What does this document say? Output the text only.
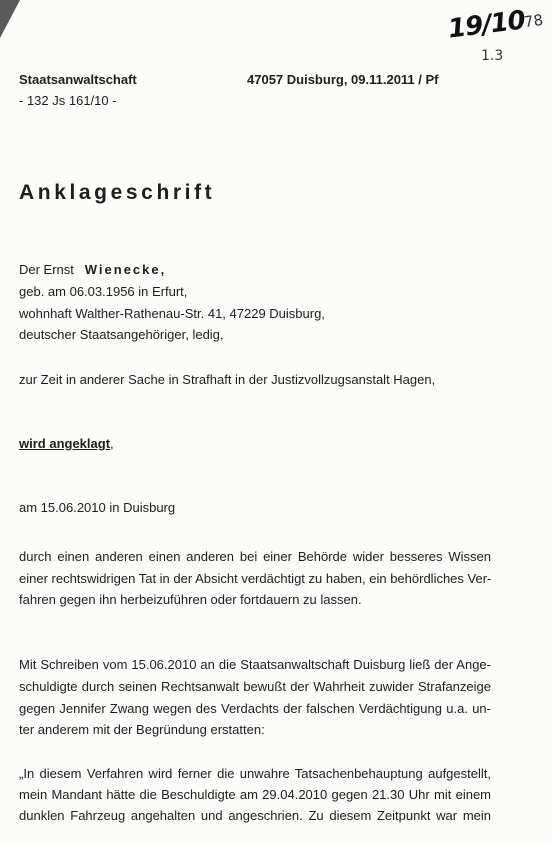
19/10
78
1.3
Staatsanwaltschaft
- 132 Js 161/10 -
47057 Duisburg, 09.11.2011 / Pf
Anklageschrift
Der Ernst Wienecke,
geb. am 06.03.1956 in Erfurt,
wohnhaft Walther-Rathenau-Str. 41, 47229 Duisburg,
deutscher Staatsangehöriger, ledig,
zur Zeit in anderer Sache in Strafhaft in der Justizvollzugsanstalt Hagen,
wird angeklagt,
am 15.06.2010 in Duisburg
durch einen anderen einen anderen bei einer Behörde wider besseres Wissen
einer rechtswidrigen Tat in der Absicht verdächtigt zu haben, ein behördliches Ver-
fahren gegen ihn herbeizuführen oder fortdauern zu lassen.
Mit Schreiben vom 15.06.2010 an die Staatsanwaltschaft Duisburg ließ der Ange-
schuldigte durch seinen Rechtsanwalt bewußt der Wahrheit zuwider Strafanzeige
gegen Jennifer Zwang wegen des Verdachts der falschen Verdächtigung u.a. un-
ter anderem mit der Begründung erstatten:
„In diesem Verfahren wird ferner die unwahre Tatsachenbehauptung aufgestellt,
mein Mandant hätte die Beschuldigte am 29.04.2010 gegen 21.30 Uhr mit einem
dunklen Fahrzeug angehalten und angeschrien. Zu diesem Zeitpunkt war mein
